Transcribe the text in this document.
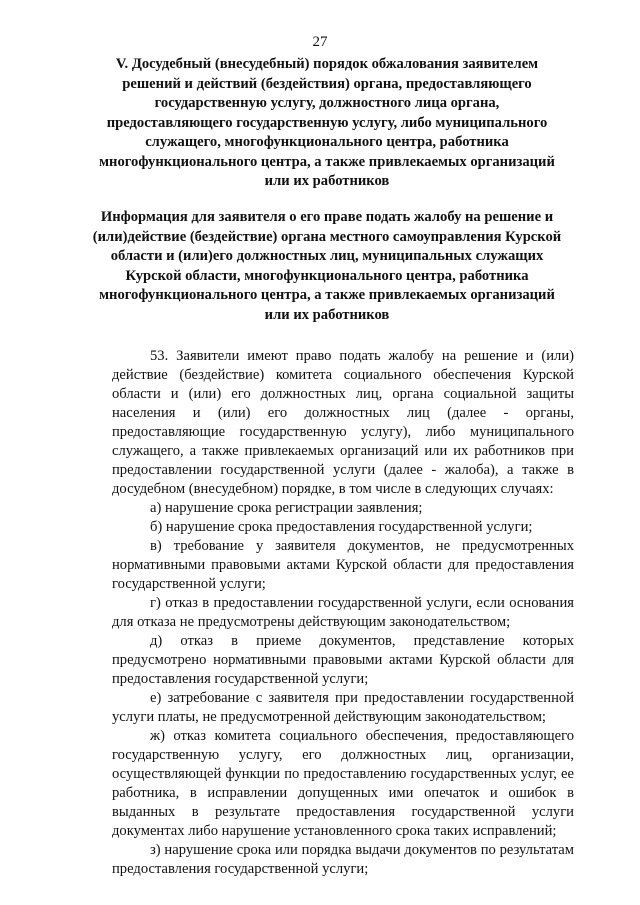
27
V. Досудебный (внесудебный) порядок обжалования заявителем решений и действий (бездействия) органа, предоставляющего государственную услугу, должностного лица органа, предоставляющего государственную услугу, либо муниципального служащего, многофункционального центра, работника многофункционального центра, а также привлекаемых организаций или их работников
Информация для заявителя о его праве подать жалобу на решение и (или)действие (бездействие) органа местного самоуправления Курской области и (или)его должностных лиц, муниципальных служащих Курской области, многофункционального центра, работника многофункционального центра, а также привлекаемых организаций или их работников

53. Заявители имеют право подать жалобу на решение и (или) действие (бездействие) комитета социального обеспечения Курской области и (или) его должностных лиц, органа социальной защиты населения и (или) его должностных лиц (далее - органы, предоставляющие государственную услугу), либо муниципального служащего, а также привлекаемых организаций или их работников при предоставлении государственной услуги (далее - жалоба), а также в досудебном (внесудебном) порядке, в том числе в следующих случаях:

а) нарушение срока регистрации заявления;

б) нарушение срока предоставления государственной услуги;

в) требование у заявителя документов, не предусмотренных нормативными правовыми актами Курской области для предоставления государственной услуги;

г) отказ в предоставлении государственной услуги, если основания для отказа не предусмотрены действующим законодательством;

д) отказ в приеме документов, представление которых предусмотрено нормативными правовыми актами Курской области для предоставления государственной услуги;

е) затребование с заявителя при предоставлении государственной услуги платы, не предусмотренной действующим законодательством;

ж) отказ комитета социального обеспечения, предоставляющего государственную услугу, его должностных лиц, организации, осуществляющей функции по предоставлению государственных услуг, ее работника, в исправлении допущенных ими опечаток и ошибок в выданных в результате предоставления государственной услуги документах либо нарушение установленного срока таких исправлений;

з) нарушение срока или порядка выдачи документов по результатам предоставления государственной услуги;
